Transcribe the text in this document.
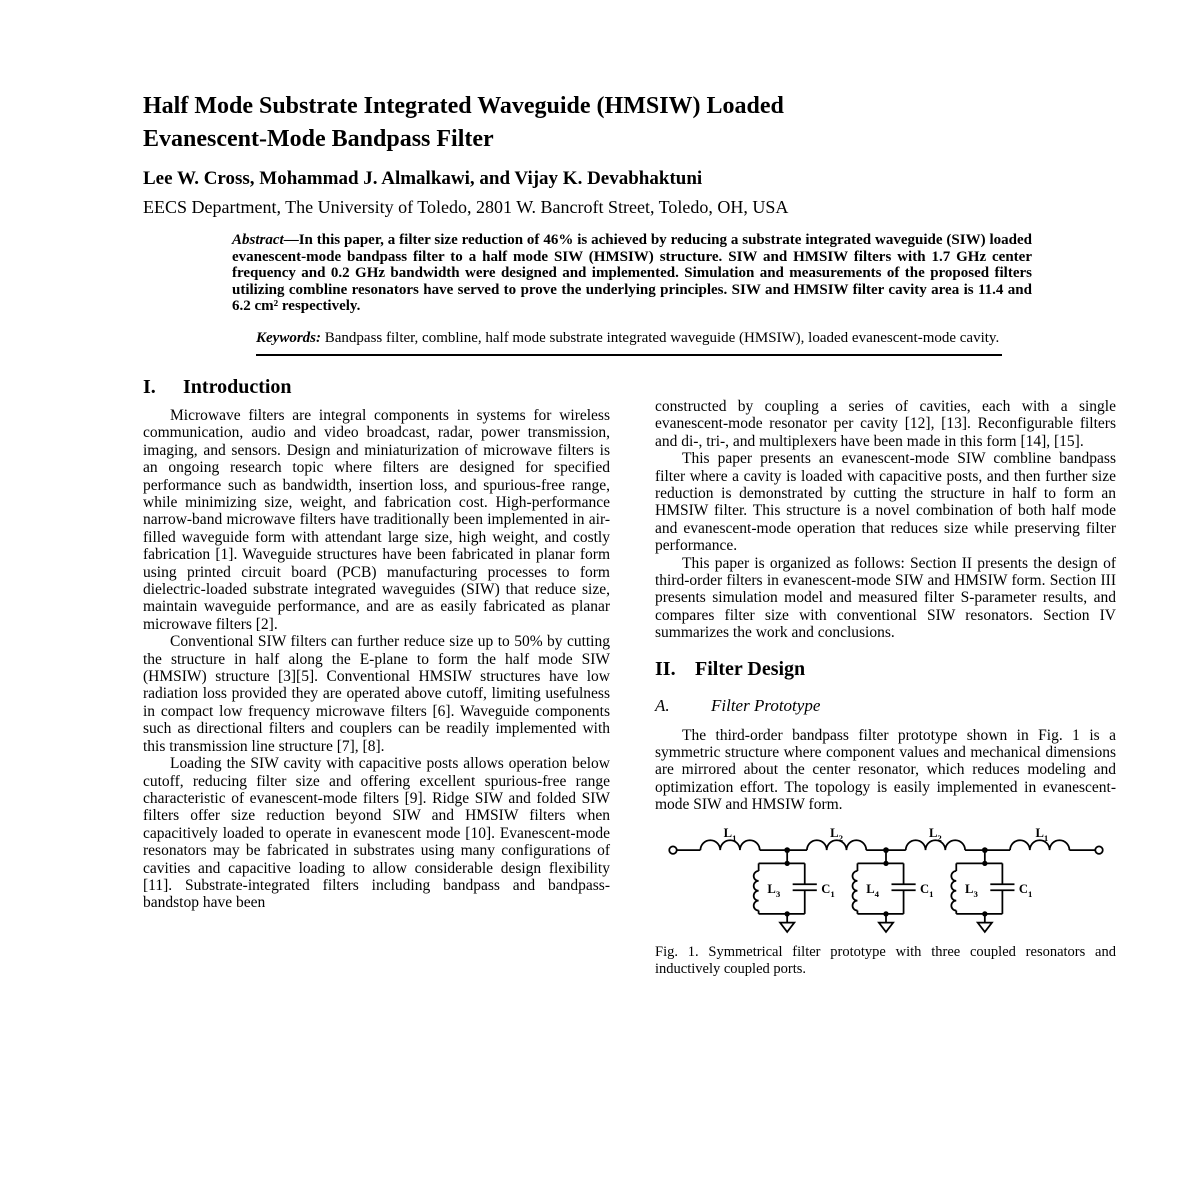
Half Mode Substrate Integrated Waveguide (HMSIW) Loaded
Evanescent-Mode Bandpass Filter
Lee W. Cross, Mohammad J. Almalkawi, and Vijay K. Devabhaktuni
EECS Department, The University of Toledo, 2801 W. Bancroft Street, Toledo, OH, USA
Abstract—In this paper, a filter size reduction of 46% is achieved by reducing a substrate integrated waveguide (SIW) loaded evanescent-mode bandpass filter to a half mode SIW (HMSIW) structure. SIW and HMSIW filters with 1.7 GHz center frequency and 0.2 GHz bandwidth were designed and implemented. Simulation and measurements of the proposed filters utilizing combline resonators have served to prove the underlying principles. SIW and HMSIW filter cavity area is 11.4 and 6.2 cm² respectively.
Keywords: Bandpass filter, combline, half mode substrate integrated waveguide (HMSIW), loaded evanescent-mode cavity.
I. Introduction

Microwave filters are integral components in systems for wireless communication, audio and video broadcast, radar, power transmission, imaging, and sensors. Design and miniaturization of microwave filters is an ongoing research topic where filters are designed for specified performance such as bandwidth, insertion loss, and spurious-free range, while minimizing size, weight, and fabrication cost. High-performance narrow-band microwave filters have traditionally been implemented in air-filled waveguide form with attendant large size, high weight, and costly fabrication [1]. Waveguide structures have been fabricated in planar form using printed circuit board (PCB) manufacturing processes to form dielectric-loaded substrate integrated waveguides (SIW) that reduce size, maintain waveguide performance, and are as easily fabricated as planar microwave filters [2].

Conventional SIW filters can further reduce size up to 50% by cutting the structure in half along the E-plane to form the half mode SIW (HMSIW) structure [3][5]. Conventional HMSIW structures have low radiation loss provided they are operated above cutoff, limiting usefulness in compact low frequency microwave filters [6]. Waveguide components such as directional filters and couplers can be readily implemented with this transmission line structure [7], [8].

Loading the SIW cavity with capacitive posts allows operation below cutoff, reducing filter size and offering excellent spurious-free range characteristic of evanescent-mode filters [9]. Ridge SIW and folded SIW filters offer size reduction beyond SIW and HMSIW filters when capacitively loaded to operate in evanescent mode [10]. Evanescent-mode resonators may be fabricated in substrates using many configurations of cavities and capacitive loading to allow considerable design flexibility [11]. Substrate-integrated filters including bandpass and bandpass-bandstop have been

constructed by coupling a series of cavities, each with a single evanescent-mode resonator per cavity [12], [13]. Reconfigurable filters and di-, tri-, and multiplexers have been made in this form [14], [15].

This paper presents an evanescent-mode SIW combline bandpass filter where a cavity is loaded with capacitive posts, and then further size reduction is demonstrated by cutting the structure in half to form an HMSIW filter. This structure is a novel combination of both half mode and evanescent-mode operation that reduces size while preserving filter performance.

This paper is organized as follows: Section II presents the design of third-order filters in evanescent-mode SIW and HMSIW form. Section III presents simulation model and measured filter S-parameter results, and compares filter size with conventional SIW resonators. Section IV summarizes the work and conclusions.

II. Filter Design
A. Filter Prototype

The third-order bandpass filter prototype shown in Fig. 1 is a symmetric structure where component values and mechanical dimensions are mirrored about the center resonator, which reduces modeling and optimization effort. The topology is easily implemented in evanescent-mode SIW and HMSIW form.

$L_1$	$L_2$	$L_2$	$L_1$
$L_3$	$C_1$	$L_4$	$C_1$	$L_3$	$C_1$
Fig. 1. Symmetrical filter prototype with three coupled resonators and inductively coupled ports.
